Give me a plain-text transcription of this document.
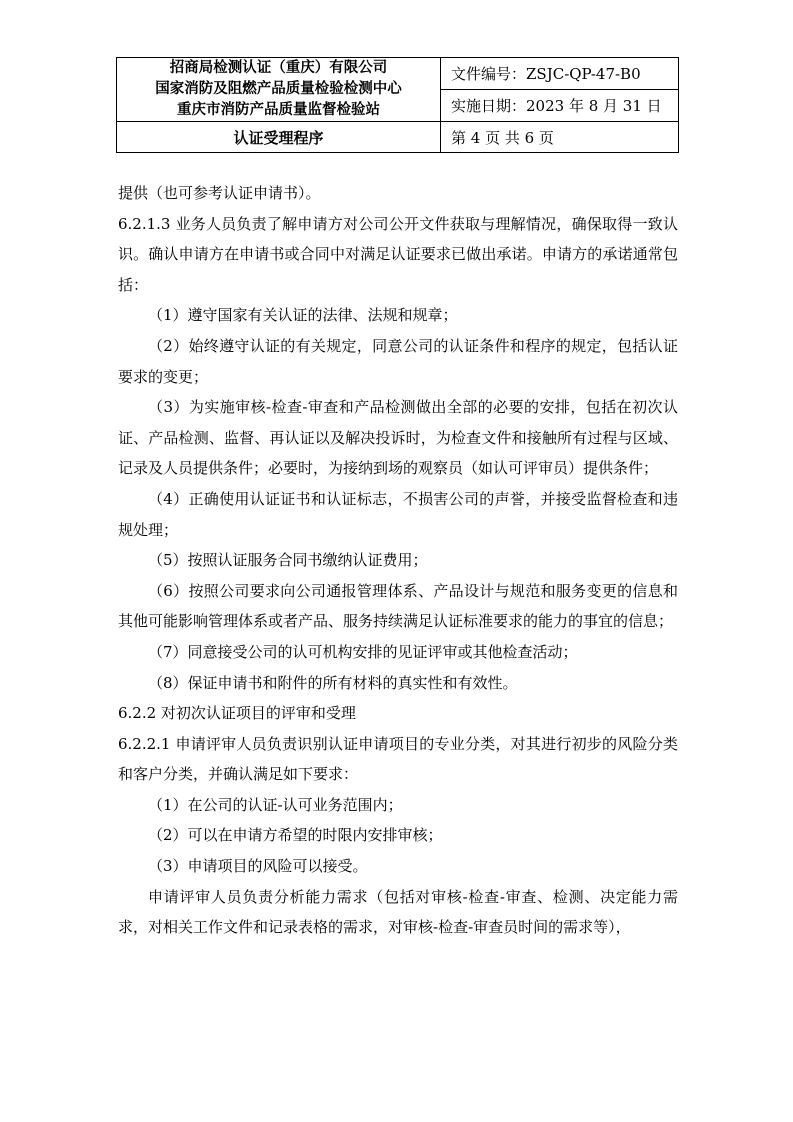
招商局检测认证（重庆）有限公司
国家消防及阻燃产品质量检验检测中心
重庆市消防产品质量监督检验站	文件编号：ZSJC-QP-47-B0
	实施日期：2023 年 8 月 31 日
认证受理程序	第 4 页 共 6 页

提供（也可参考认证申请书）。

6.2.1.3 业务人员负责了解申请方对公司公开文件获取与理解情况，确保取得一致认识。确认申请方在申请书或合同中对满足认证要求已做出承诺。申请方的承诺通常包括：

（1）遵守国家有关认证的法律、法规和规章；

（2）始终遵守认证的有关规定，同意公司的认证条件和程序的规定，包括认证要求的变更；

（3）为实施审核-检查-审查和产品检测做出全部的必要的安排，包括在初次认证、产品检测、监督、再认证以及解决投诉时，为检查文件和接触所有过程与区域、记录及人员提供条件；必要时，为接纳到场的观察员（如认可评审员）提供条件；

（4）正确使用认证证书和认证标志，不损害公司的声誉，并接受监督检查和违规处理；

（5）按照认证服务合同书缴纳认证费用；

（6）按照公司要求向公司通报管理体系、产品设计与规范和服务变更的信息和其他可能影响管理体系或者产品、服务持续满足认证标准要求的能力的事宜的信息；

（7）同意接受公司的认可机构安排的见证评审或其他检查活动；

（8）保证申请书和附件的所有材料的真实性和有效性。

6.2.2 对初次认证项目的评审和受理

6.2.2.1 申请评审人员负责识别认证申请项目的专业分类，对其进行初步的风险分类和客户分类，并确认满足如下要求：

（1）在公司的认证-认可业务范围内；

（2）可以在申请方希望的时限内安排审核；

（3）申请项目的风险可以接受。

申请评审人员负责分析能力需求（包括对审核-检查-审查、检测、决定能力需求，对相关工作文件和记录表格的需求，对审核-检查-审查员时间的需求等），
